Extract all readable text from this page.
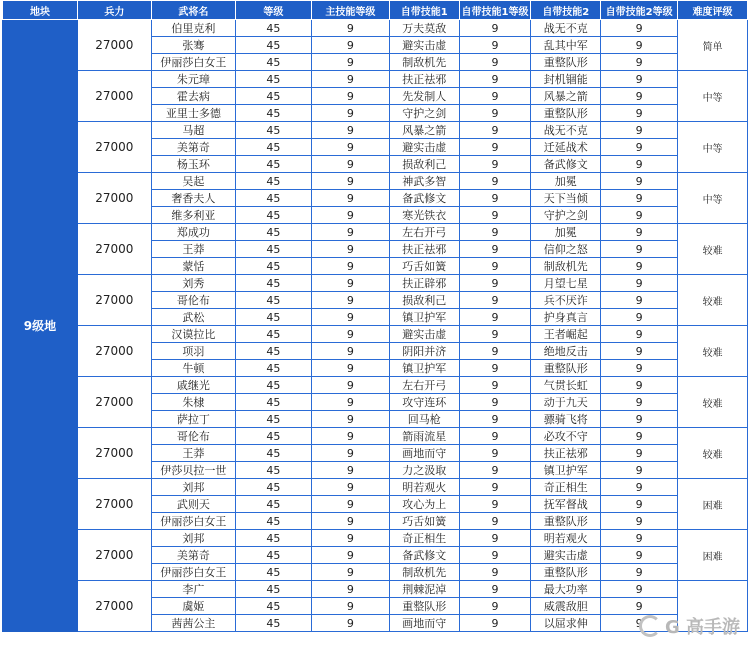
地块	兵力	武将名	等级	主技能等级	自带技能1	自带技能1等级	自带技能2	自带技能2等级	难度评级
9级地	27000	伯里克利	45	9	万夫莫敌	9	战无不克	9	简单
		张骞	45	9	避实击虚	9	乱其中军	9	
		伊丽莎白女王	45	9	制敌机先	9	重整队形	9	
	27000	朱元璋	45	9	扶正祛邪	9	封机锢能	9	中等
		霍去病	45	9	先发制人	9	风暴之箭	9	
		亚里士多德	45	9	守护之剑	9	重整队形	9	
	27000	马超	45	9	风暴之箭	9	战无不克	9	中等
		美第奇	45	9	避实击虚	9	迁延战术	9	
		杨玉环	45	9	损敌利己	9	备武修文	9	
	27000	吴起	45	9	神武多智	9	加冕	9	中等
		奢香夫人	45	9	备武修文	9	天下当倾	9	
		维多利亚	45	9	寒光铁衣	9	守护之剑	9	
	27000	郑成功	45	9	左右开弓	9	加冕	9	较难
		王莽	45	9	扶正祛邪	9	信仰之怒	9	
		蒙恬	45	9	巧舌如簧	9	制敌机先	9	
	27000	刘秀	45	9	扶正辟邪	9	月望七星	9	较难
		哥伦布	45	9	损敌利己	9	兵不厌诈	9	
		武松	45	9	镇卫护军	9	护身真言	9	
	27000	汉谟拉比	45	9	避实击虚	9	王者崛起	9	较难
		项羽	45	9	阴阳并济	9	绝地反击	9	
		牛顿	45	9	镇卫护军	9	重整队形	9	
	27000	戚继光	45	9	左右开弓	9	气贯长虹	9	较难
		朱棣	45	9	攻守连环	9	动于九天	9	
		萨拉丁	45	9	回马枪	9	骠骑飞将	9	
	27000	哥伦布	45	9	箭雨流星	9	必攻不守	9	较难
		王莽	45	9	画地而守	9	扶正祛邪	9	
		伊莎贝拉一世	45	9	力之汲取	9	镇卫护军	9	
	27000	刘邦	45	9	明若观火	9	奇正相生	9	困难
		武则天	45	9	攻心为上	9	抚军督战	9	
		伊丽莎白女王	45	9	巧舌如簧	9	重整队形	9	
	27000	刘邦	45	9	奇正相生	9	明若观火	9	困难
		美第奇	45	9	备武修文	9	避实击虚	9	
		伊丽莎白女王	45	9	制敌机先	9	重整队形	9	
	27000	李广	45	9	荆棘泥淖	9	最大功率	9	
		虞姬	45	9	重整队形	9	威震敌胆	9	
		茜茜公主	45	9	画地而守	9	以屈求伸	9	G 高手游
